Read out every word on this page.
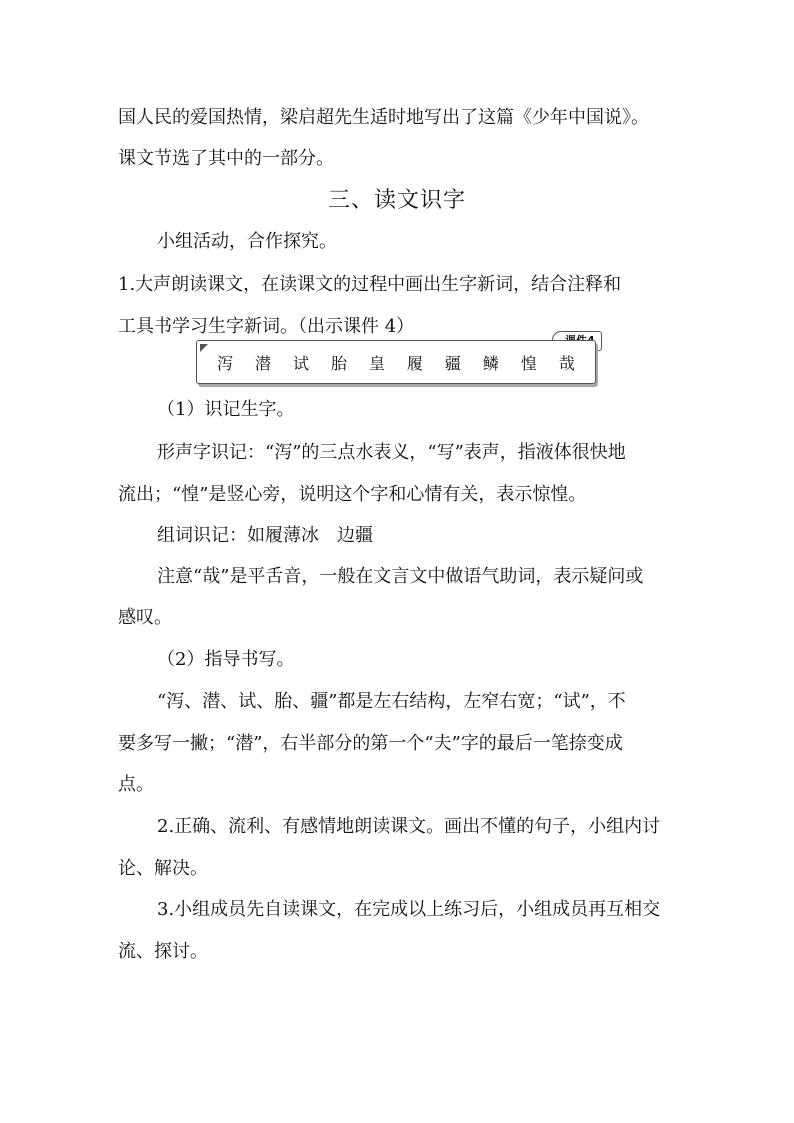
国人民的爱国热情，梁启超先生适时地写出了这篇《少年中国说》。
课文节选了其中的一部分。
三、读文识字
小组活动，合作探究。
1.大声朗读课文，在读课文的过程中画出生字新词，结合注释和
工具书学习生字新词。（出示课件 4）
泻 潜 试 胎 皇 履 疆 鳞 惶 哉
（1）识记生字。
形声字识记：“泻”的三点水表义，“写”表声，指液体很快地
流出；“惶”是竖心旁，说明这个字和心情有关，表示惊惶。
组词识记：如履薄冰　边疆
注意“哉”是平舌音，一般在文言文中做语气助词，表示疑问或
感叹。
（2）指导书写。
“泻、潜、试、胎、疆”都是左右结构，左窄右宽；“试”，不
要多写一撇；“潜”，右半部分的第一个“夫”字的最后一笔捺变成
点。
2.正确、流利、有感情地朗读课文。画出不懂的句子，小组内讨
论、解决。
3.小组成员先自读课文，在完成以上练习后，小组成员再互相交
流、探讨。
